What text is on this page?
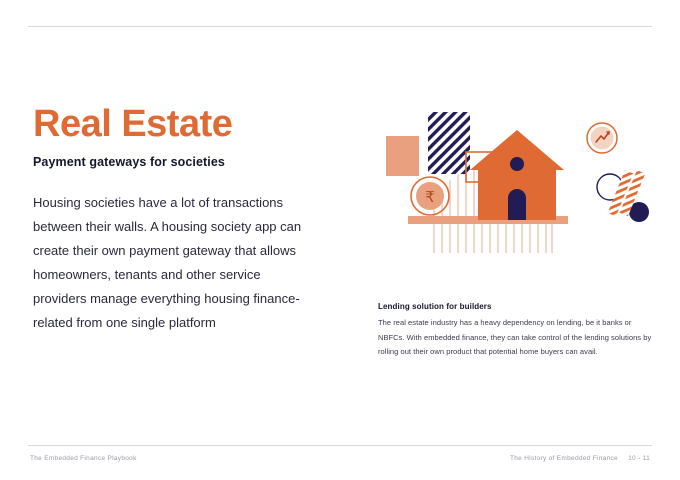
Real Estate
Payment gateways for societies

Housing societies have a lot of transactions between their walls. A housing society app can create their own payment gateway that allows homeowners, tenants and other service providers manage everything housing finance-related from one single platform

₹
Lending solution for builders
The real estate industry has a heavy dependency on lending, be it banks or NBFCs. With embedded finance, they can take control of the lending solutions by rolling out their own product that potential home buyers can avail.
The Embedded Finance Playbook	The History of Embedded Finance 10 - 11
